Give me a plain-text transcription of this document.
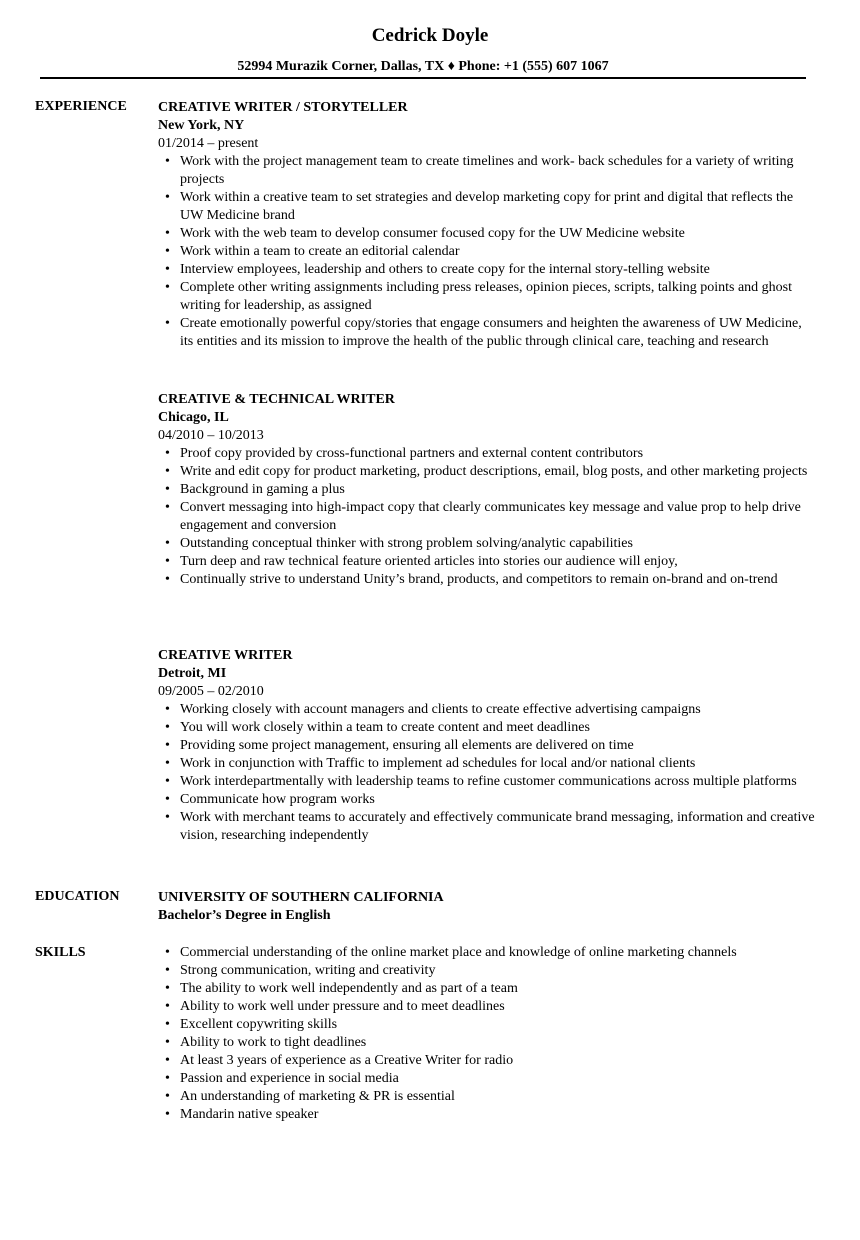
Cedrick Doyle
52994 Murazik Corner, Dallas, TX ♦ Phone: +1 (555) 607 1067
EXPERIENCE CREATIVE WRITER / STORYTELLER
New York, NY
01/2014 – present
• Work with the project management team to create timelines and work- back schedules for a variety of writing projects
• Work within a creative team to set strategies and develop marketing copy for print and digital that reflects the UW Medicine brand
• Work with the web team to develop consumer focused copy for the UW Medicine website
• Work within a team to create an editorial calendar
• Interview employees, leadership and others to create copy for the internal story-telling website
• Complete other writing assignments including press releases, opinion pieces, scripts, talking points and ghost writing for leadership, as assigned
• Create emotionally powerful copy/stories that engage consumers and heighten the awareness of UW Medicine, its entities and its mission to improve the health of the public through clinical care, teaching and research
CREATIVE & TECHNICAL WRITER
Chicago, IL
04/2010 – 10/2013
• Proof copy provided by cross-functional partners and external content contributors
• Write and edit copy for product marketing, product descriptions, email, blog posts, and other marketing projects
• Background in gaming a plus
• Convert messaging into high-impact copy that clearly communicates key message and value prop to help drive engagement and conversion
• Outstanding conceptual thinker with strong problem solving/analytic capabilities
• Turn deep and raw technical feature oriented articles into stories our audience will enjoy,
• Continually strive to understand Unity’s brand, products, and competitors to remain on-brand and on-trend
CREATIVE WRITER
Detroit, MI
09/2005 – 02/2010
• Working closely with account managers and clients to create effective advertising campaigns
• You will work closely within a team to create content and meet deadlines
• Providing some project management, ensuring all elements are delivered on time
• Work in conjunction with Traffic to implement ad schedules for local and/or national clients
• Work interdepartmentally with leadership teams to refine customer communications across multiple platforms
• Communicate how program works
• Work with merchant teams to accurately and effectively communicate brand messaging, information and creative vision, researching independently
EDUCATION	UNIVERSITY OF SOUTHERN CALIFORNIA
Bachelor’s Degree in English
SKILLS
•	Commercial understanding of the online market place and knowledge of online marketing channels
• Strong communication, writing and creativity
• The ability to work well independently and as part of a team
• Ability to work well under pressure and to meet deadlines
• Excellent copywriting skills
• Ability to work to tight deadlines
• At least 3 years of experience as a Creative Writer for radio
• Passion and experience in social media
• An understanding of marketing & PR is essential
• Mandarin native speaker
